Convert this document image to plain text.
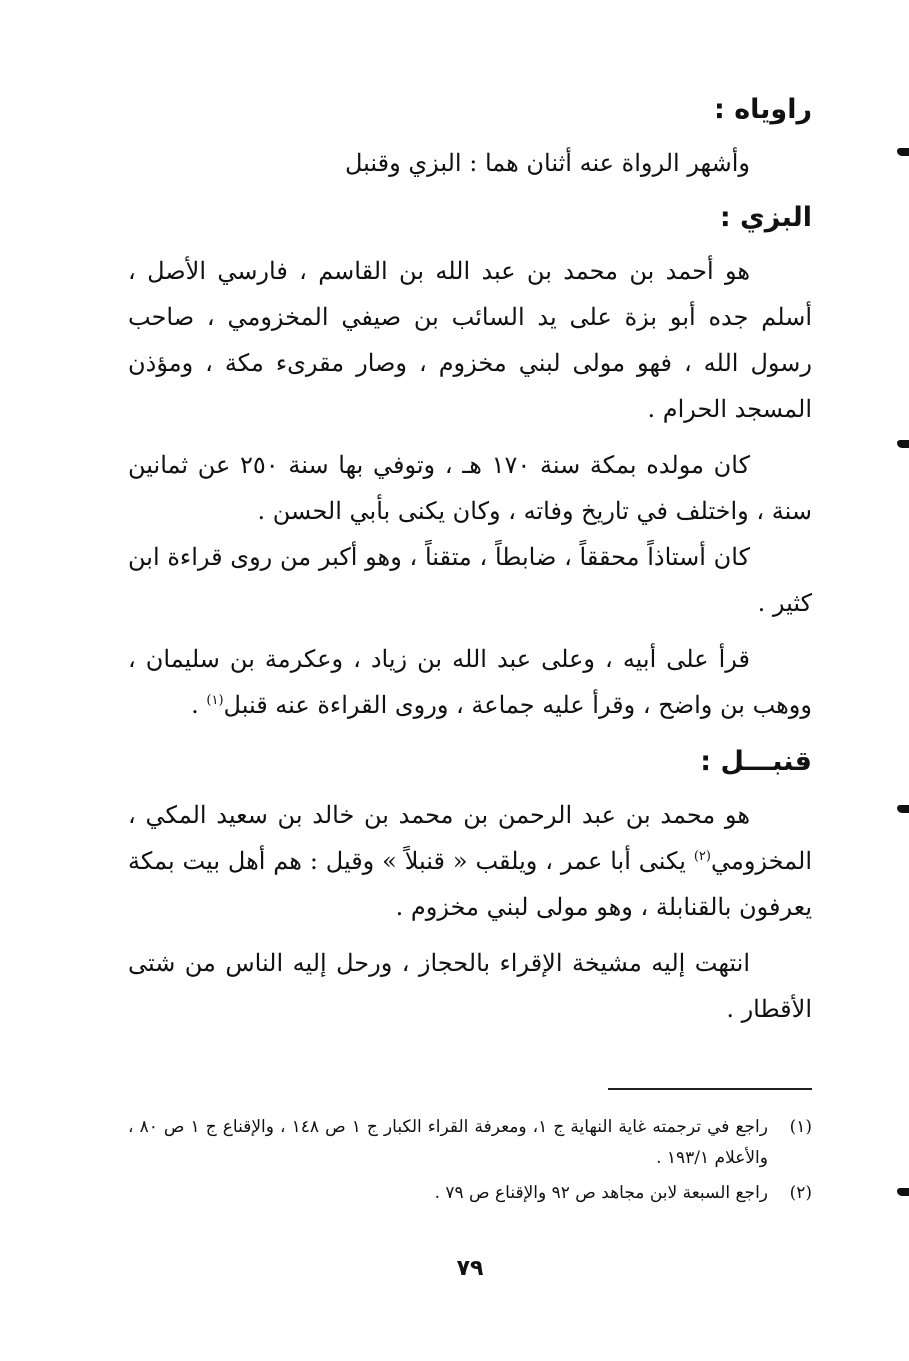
راوياه :

وأشهر الرواة عنه أثنان هما : البزي وقنبل

البزي :

هو أحمد بن محمد بن عبد الله بن القاسم ، فارسي الأصل ، أسلم جده أبو بزة على يد السائب بن صيفي المخزومي ، صاحب رسول الله ، فهو مولى لبني مخزوم ، وصار مقرىء مكة ، ومؤذن المسجد الحرام .

كان مولده بمكة سنة ١٧٠ هـ ، وتوفي بها سنة ٢٥٠ عن ثمانين سنة ، واختلف في تاريخ وفاته ، وكان يكنى بأبي الحسن .

كان أستاذاً محققاً ، ضابطاً ، متقناً ، وهو أكبر من روى قراءة ابن كثير .

قرأ على أبيه ، وعلى عبد الله بن زياد ، وعكرمة بن سليمان ، ووهب بن واضح ، وقرأ عليه جماعة ، وروى القراءة عنه قنبل$^{(١)}$ .

قنبـــل :

هو محمد بن عبد الرحمن بن محمد بن خالد بن سعيد المكي ، المخزومي$^{(٢)}$ يكنى أبا عمر ، ويلقب « قنبلاً » وقيل : هم أهل بيت بمكة يعرفون بالقنابلة ، وهو مولى لبني مخزوم .

انتهت إليه مشيخة الإقراء بالحجاز ، ورحل إليه الناس من شتى الأقطار .

(١)
راجع في ترجمته غاية النهاية ج ١، ومعرفة القراء الكبار ج ١ ص ١٤٨ ، والإقناع ج ١ ص ٨٠ ، والأعلام ١٩٣/١ .

(٢)
راجع السبعة لابن مجاهد ص ٩٢ والإقناع ص ٧٩ .

٧٩
